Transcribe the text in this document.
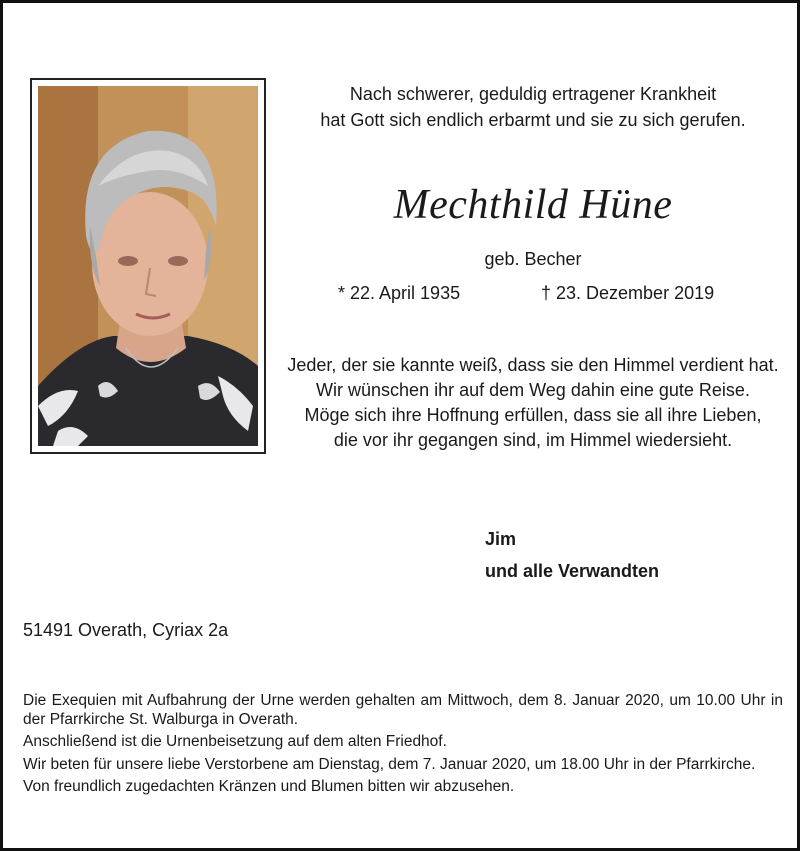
Nach schwerer, geduldig ertragener Krankheit
hat Gott sich endlich erbarmt und sie zu sich gerufen.
Mechthild Hüne
geb. Becher
* 22. April 1935	† 23. Dezember 2019
Jeder, der sie kannte weiß, dass sie den Himmel verdient hat.
Wir wünschen ihr auf dem Weg dahin eine gute Reise.
Möge sich ihre Hoffnung erfüllen, dass sie all ihre Lieben,
die vor ihr gegangen sind, im Himmel wiedersieht.
Jim
und alle Verwandten
51491 Overath, Cyriax 2a

Die Exequien mit Aufbahrung der Urne werden gehalten am Mittwoch, dem 8. Januar 2020, um 10.00 Uhr in der Pfarrkirche St. Walburga in Overath.

Anschließend ist die Urnenbeisetzung auf dem alten Friedhof.

Wir beten für unsere liebe Verstorbene am Dienstag, dem 7. Januar 2020, um 18.00 Uhr in der Pfarrkirche.

Von freundlich zugedachten Kränzen und Blumen bitten wir abzusehen.
